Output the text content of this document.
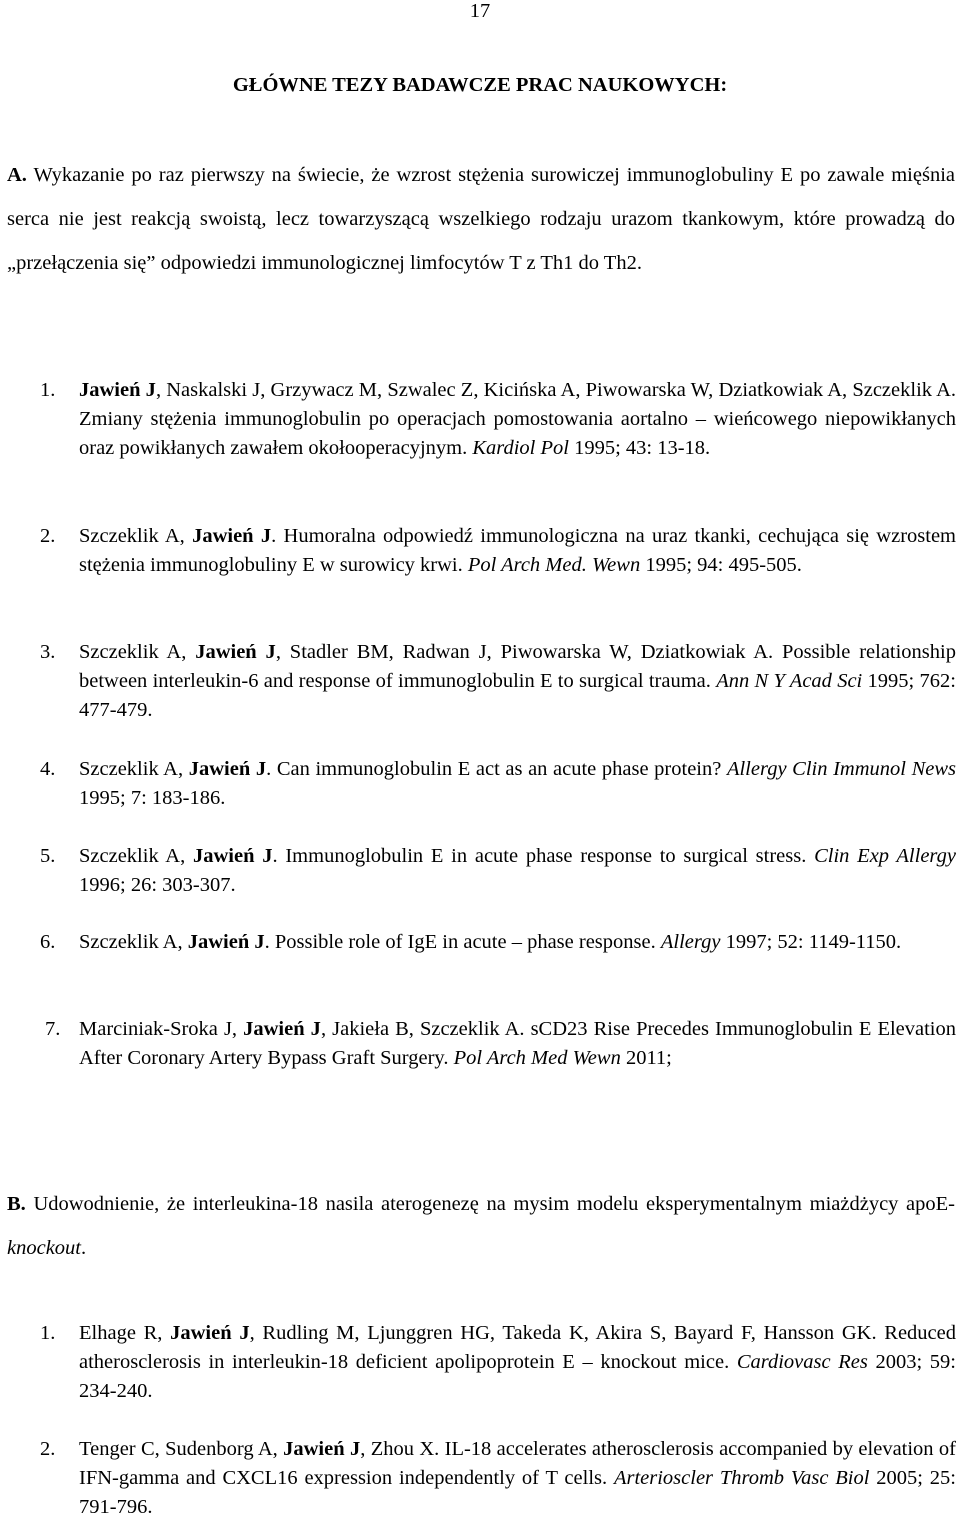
17
GŁÓWNE TEZY BADAWCZE PRAC NAUKOWYCH:
A. Wykazanie po raz pierwszy na świecie, że wzrost stężenia surowiczej immunoglobuliny E po zawale mięśnia serca nie jest reakcją swoistą, lecz towarzyszącą wszelkiego rodzaju urazom tkankowym, które prowadzą do „przełączenia się” odpowiedzi immunologicznej limfocytów T z Th1 do Th2.
1. Jawień J, Naskalski J, Grzywacz M, Szwalec Z, Kicińska A, Piwowarska W, Dziatkowiak A, Szczeklik A. Zmiany stężenia immunoglobulin po operacjach pomostowania aortalno – wieńcowego niepowikłanych oraz powikłanych zawałem okołooperacyjnym. Kardiol Pol 1995; 43: 13-18.
2. Szczeklik A, Jawień J. Humoralna odpowiedź immunologiczna na uraz tkanki, cechująca się wzrostem stężenia immunoglobuliny E w surowicy krwi. Pol Arch Med. Wewn 1995; 94: 495-505.
3. Szczeklik A, Jawień J, Stadler BM, Radwan J, Piwowarska W, Dziatkowiak A. Possible relationship between interleukin-6 and response of immunoglobulin E to surgical trauma. Ann N Y Acad Sci 1995; 762: 477-479.
4. Szczeklik A, Jawień J. Can immunoglobulin E act as an acute phase protein? Allergy Clin Immunol News 1995; 7: 183-186.
5. Szczeklik A, Jawień J. Immunoglobulin E in acute phase response to surgical stress. Clin Exp Allergy 1996; 26: 303-307.
6. Szczeklik A, Jawień J. Possible role of IgE in acute – phase response. Allergy 1997; 52: 1149-1150.
7. Marciniak-Sroka J, Jawień J, Jakieła B, Szczeklik A. sCD23 Rise Precedes Immunoglobulin E Elevation After Coronary Artery Bypass Graft Surgery. Pol Arch Med Wewn 2011;
B. Udowodnienie, że interleukina-18 nasila aterogenezę na mysim modelu eksperymentalnym miażdżycy apoE-knockout.
1. Elhage R, Jawień J, Rudling M, Ljunggren HG, Takeda K, Akira S, Bayard F, Hansson GK. Reduced atherosclerosis in interleukin-18 deficient apolipoprotein E – knockout mice. Cardiovasc Res 2003; 59: 234-240.
2. Tenger C, Sudenborg A, Jawień J, Zhou X. IL-18 accelerates atherosclerosis accompanied by elevation of IFN-gamma and CXCL16 expression independently of T cells. Arterioscler Thromb Vasc Biol 2005; 25: 791-796.
